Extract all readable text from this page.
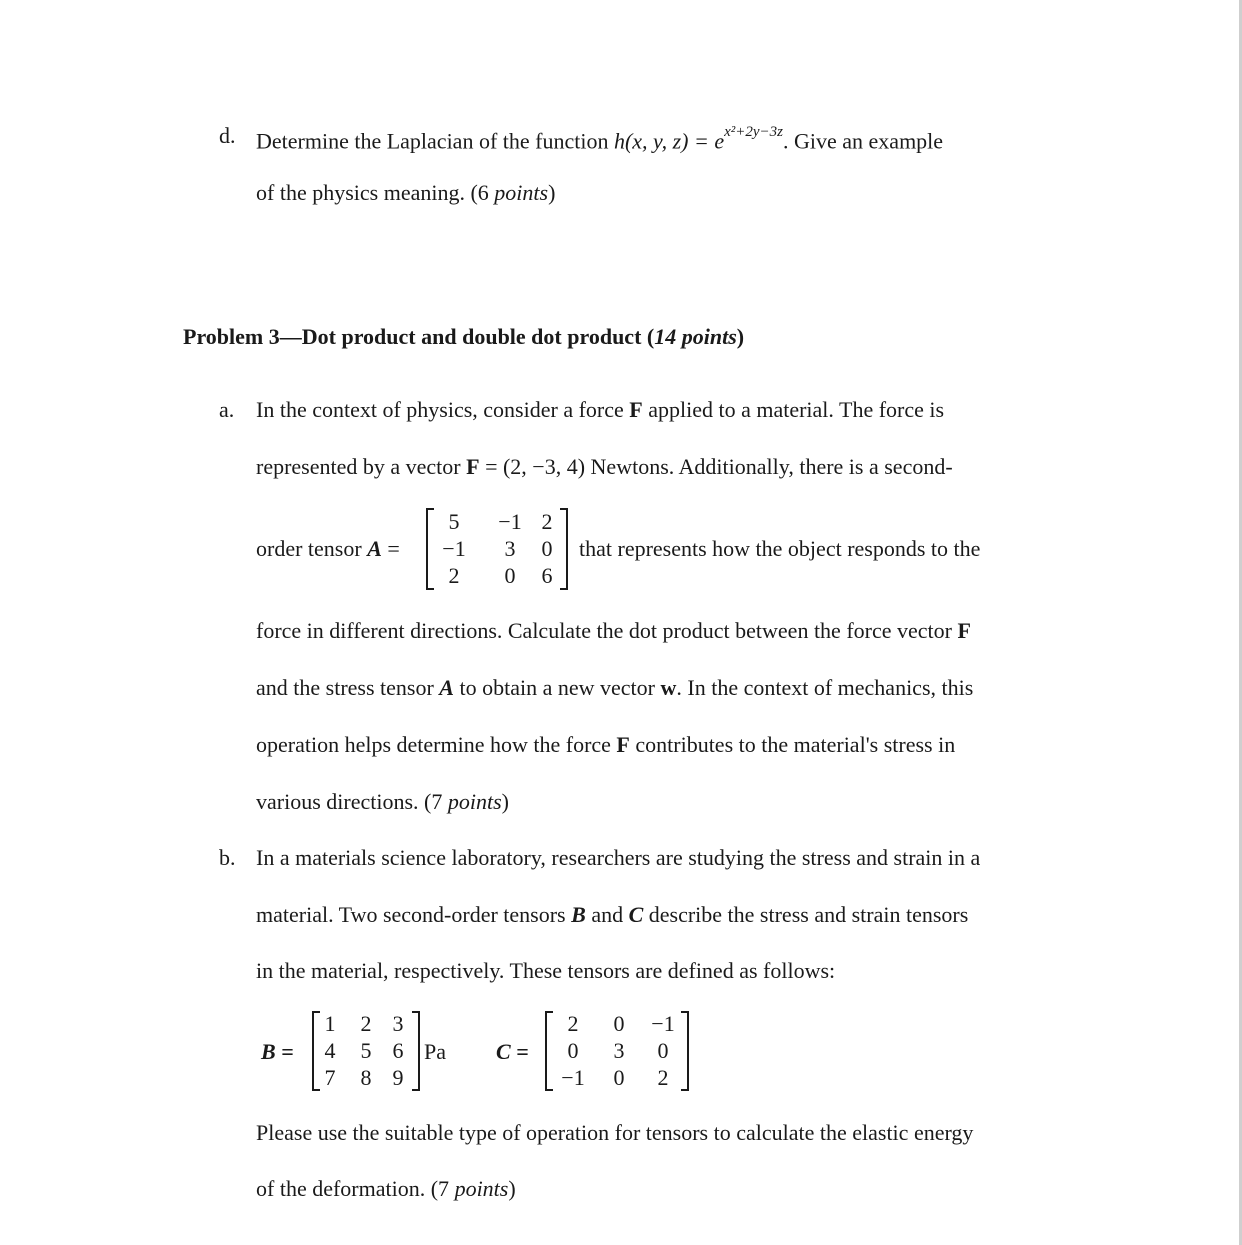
d. Determine the Laplacian of the function h(x, y, $z) = e^{x^2+2y-3z}$. Give an example
of the physics meaning. (6 points)
Problem 3—Dot product and double dot product (14 points)
a. In the context of physics, consider a force F applied to a material. The force is
represented by a vector F = (2, −3, 4) Newtons. Additionally, there is a second-
order tensor A =
5	−1 2
−1	3	0
2	0	6
that represents how the object responds to the
force in different directions. Calculate the dot product between the force vector F
and the stress tensor A to obtain a new vector w. In the context of mechanics, this
operation helps determine how the force F contributes to the material's stress in
various directions. (7 points)
b. In a materials science laboratory, researchers are studying the stress and strain in a
material. Two second-order tensors B and C describe the stress and strain tensors
in the material, respectively. These tensors are defined as follows:
B =
1	2 3
4	5 6
7	8 9
Pa C =
2	0	−1
0	3	0
−1	0	2
Please use the suitable type of operation for tensors to calculate the elastic energy
of the deformation. (7 points)
